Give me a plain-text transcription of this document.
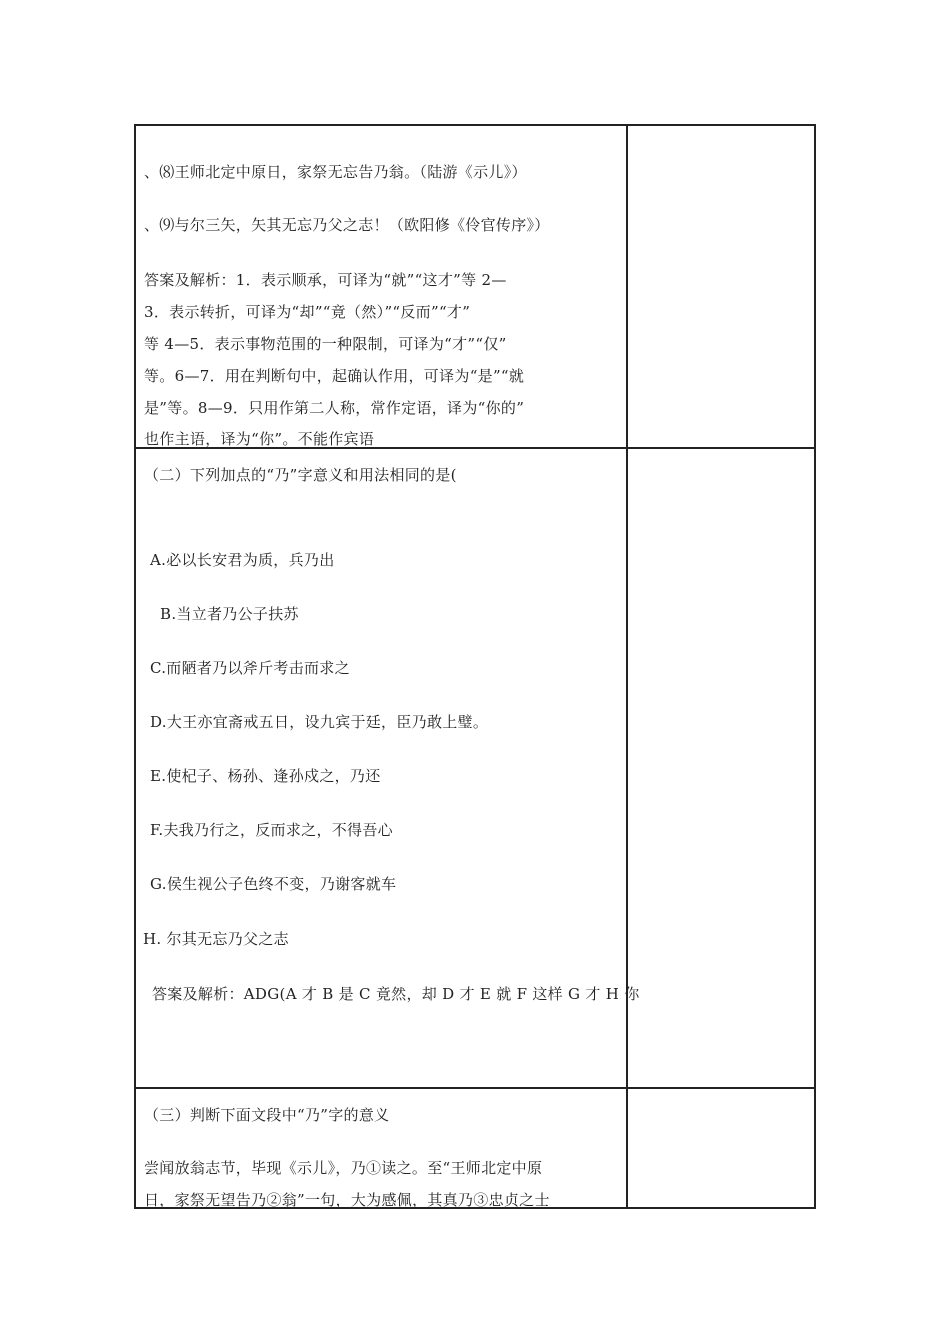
、⑻王师北定中原日，家祭无忘告乃翁。（陆游《示儿》）
、⑼与尔三矢，矢其无忘乃父之志！（欧阳修《伶官传序》）
答案及解析：1．表示顺承，可译为“就”“这才”等 2—
3．表示转折，可译为“却”“竟（然）”“反而”“才”
等 4—5．表示事物范围的一种限制，可译为“才”“仅”
等。6—7．用在判断句中，起确认作用，可译为“是”“就
是”等。8—9．只用作第二人称，常作定语，译为“你的”
也作主语，译为“你”。不能作宾语
（二）下列加点的“乃”字意义和用法相同的是(
A.必以长安君为质，兵乃出
B.当立者乃公子扶苏
C.而陋者乃以斧斤考击而求之
D.大王亦宜斋戒五日，设九宾于廷，臣乃敢上璧。
E.使杞子、杨孙、逢孙戍之，乃还
F.夫我乃行之，反而求之，不得吾心
G.侯生视公子色终不变，乃谢客就车
H. 尔其无忘乃父之志
答案及解析：ADG(A 才 B 是 C 竟然，却 D 才 E 就 F 这样 G 才 H 你
（三）判断下面文段中“乃”字的意义
尝闻放翁志节，毕现《示儿》，乃①读之。至“王师北定中原
日，家祭无望告乃②翁”一句，大为感佩，其真乃③忠贞之士
